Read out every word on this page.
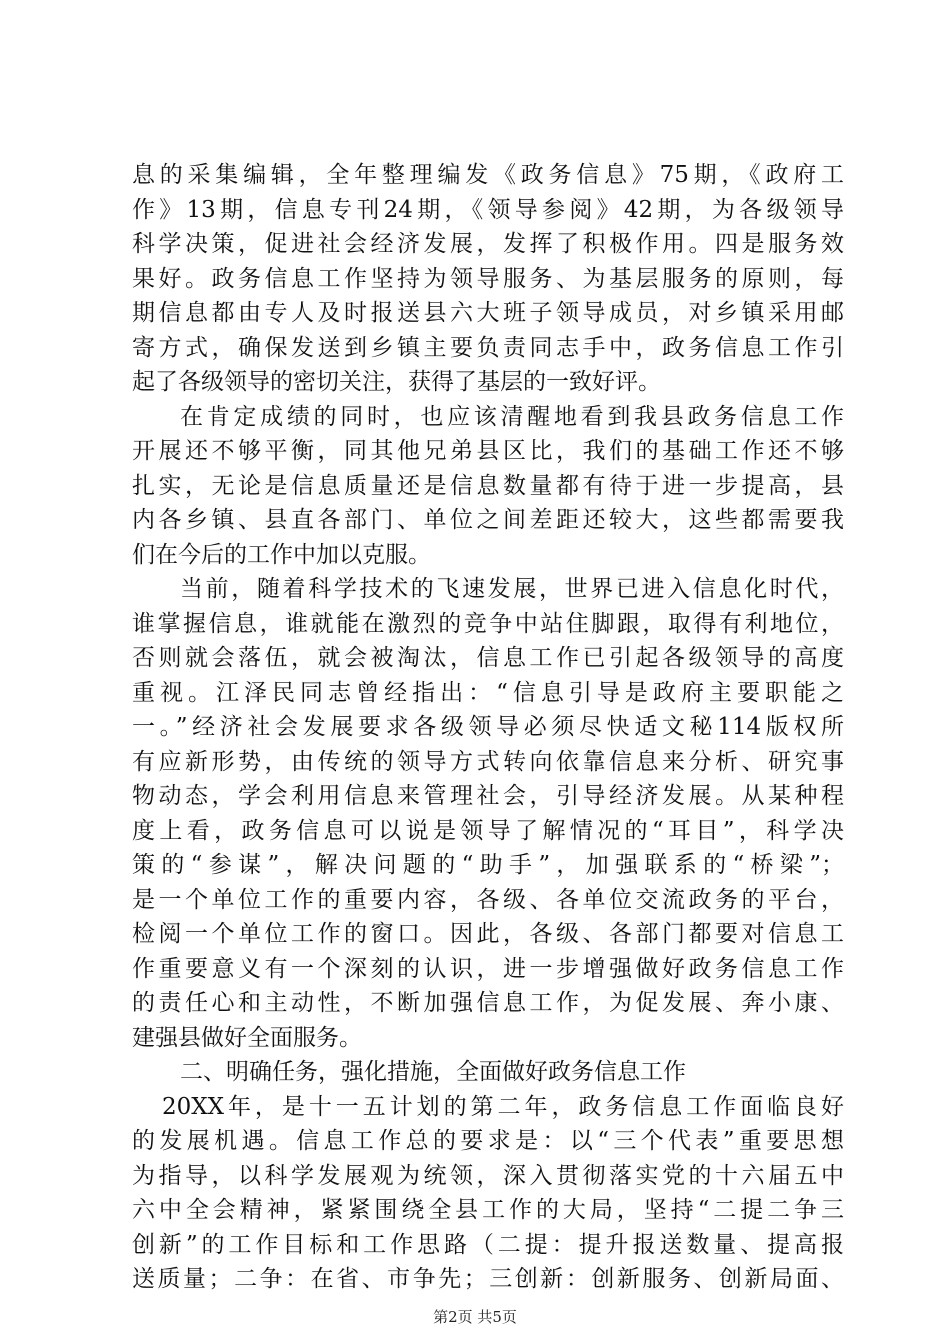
息的采集编辑，全年整理编发《政务信息》75期，《政府工
作》13期，信息专刊24期，《领导参阅》42期，为各级领导
科学决策，促进社会经济发展，发挥了积极作用。四是服务效
果好。政务信息工作坚持为领导服务、为基层服务的原则，每
期信息都由专人及时报送县六大班子领导成员，对乡镇采用邮
寄方式，确保发送到乡镇主要负责同志手中，政务信息工作引
起了各级领导的密切关注，获得了基层的一致好评。
在肯定成绩的同时，也应该清醒地看到我县政务信息工作
开展还不够平衡，同其他兄弟县区比，我们的基础工作还不够
扎实，无论是信息质量还是信息数量都有待于进一步提高，县
内各乡镇、县直各部门、单位之间差距还较大，这些都需要我
们在今后的工作中加以克服。
当前，随着科学技术的飞速发展，世界已进入信息化时代，
谁掌握信息，谁就能在激烈的竞争中站住脚跟，取得有利地位，
否则就会落伍，就会被淘汰，信息工作已引起各级领导的高度
重视。江泽民同志曾经指出：“信息引导是政府主要职能之
一。”经济社会发展要求各级领导必须尽快适文秘114版权所
有应新形势，由传统的领导方式转向依靠信息来分析、研究事
物动态，学会利用信息来管理社会，引导经济发展。从某种程
度上看，政务信息可以说是领导了解情况的“耳目”，科学决
策的“参谋”，解决问题的“助手”，加强联系的“桥梁”；
是一个单位工作的重要内容，各级、各单位交流政务的平台，
检阅一个单位工作的窗口。因此，各级、各部门都要对信息工
作重要意义有一个深刻的认识，进一步增强做好政务信息工作
的责任心和主动性，不断加强信息工作，为促发展、奔小康、
建强县做好全面服务。
二、明确任务，强化措施，全面做好政务信息工作
20XX年，是十一五计划的第二年，政务信息工作面临良好
的发展机遇。信息工作总的要求是：以“三个代表”重要思想
为指导，以科学发展观为统领，深入贯彻落实党的十六届五中
六中全会精神，紧紧围绕全县工作的大局，坚持“二提二争三
创新”的工作目标和工作思路（二提：提升报送数量、提高报
送质量；二争：在省、市争先；三创新：创新服务、创新局面、
第2页 共5页
